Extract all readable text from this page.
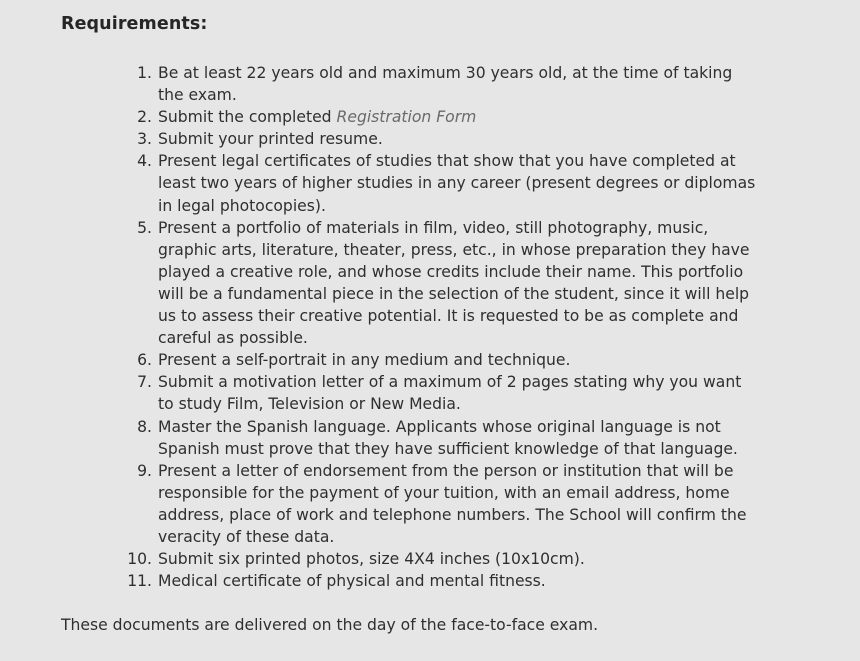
Requirements:
1. Be at least 22 years old and maximum 30 years old, at the time of taking the exam.
2. Submit the completed Registration Form
3. Submit your printed resume.
4. Present legal certificates of studies that show that you have completed at least two years of higher studies in any career (present degrees or diplomas in legal photocopies).
5. Present a portfolio of materials in film, video, still photography, music, graphic arts, literature, theater, press, etc., in whose preparation they have played a creative role, and whose credits include their name. This portfolio will be a fundamental piece in the selection of the student, since it will help us to assess their creative potential. It is requested to be as complete and careful as possible.
6. Present a self-portrait in any medium and technique.
7. Submit a motivation letter of a maximum of 2 pages stating why you want to study Film, Television or New Media.
8. Master the Spanish language. Applicants whose original language is not Spanish must prove that they have sufficient knowledge of that language.
9. Present a letter of endorsement from the person or institution that will be responsible for the payment of your tuition, with an email address, home address, place of work and telephone numbers. The School will confirm the veracity of these data.
10. Submit six printed photos, size 4X4 inches (10x10cm).
11. Medical certificate of physical and mental fitness.

These documents are delivered on the day of the face-to-face exam.
